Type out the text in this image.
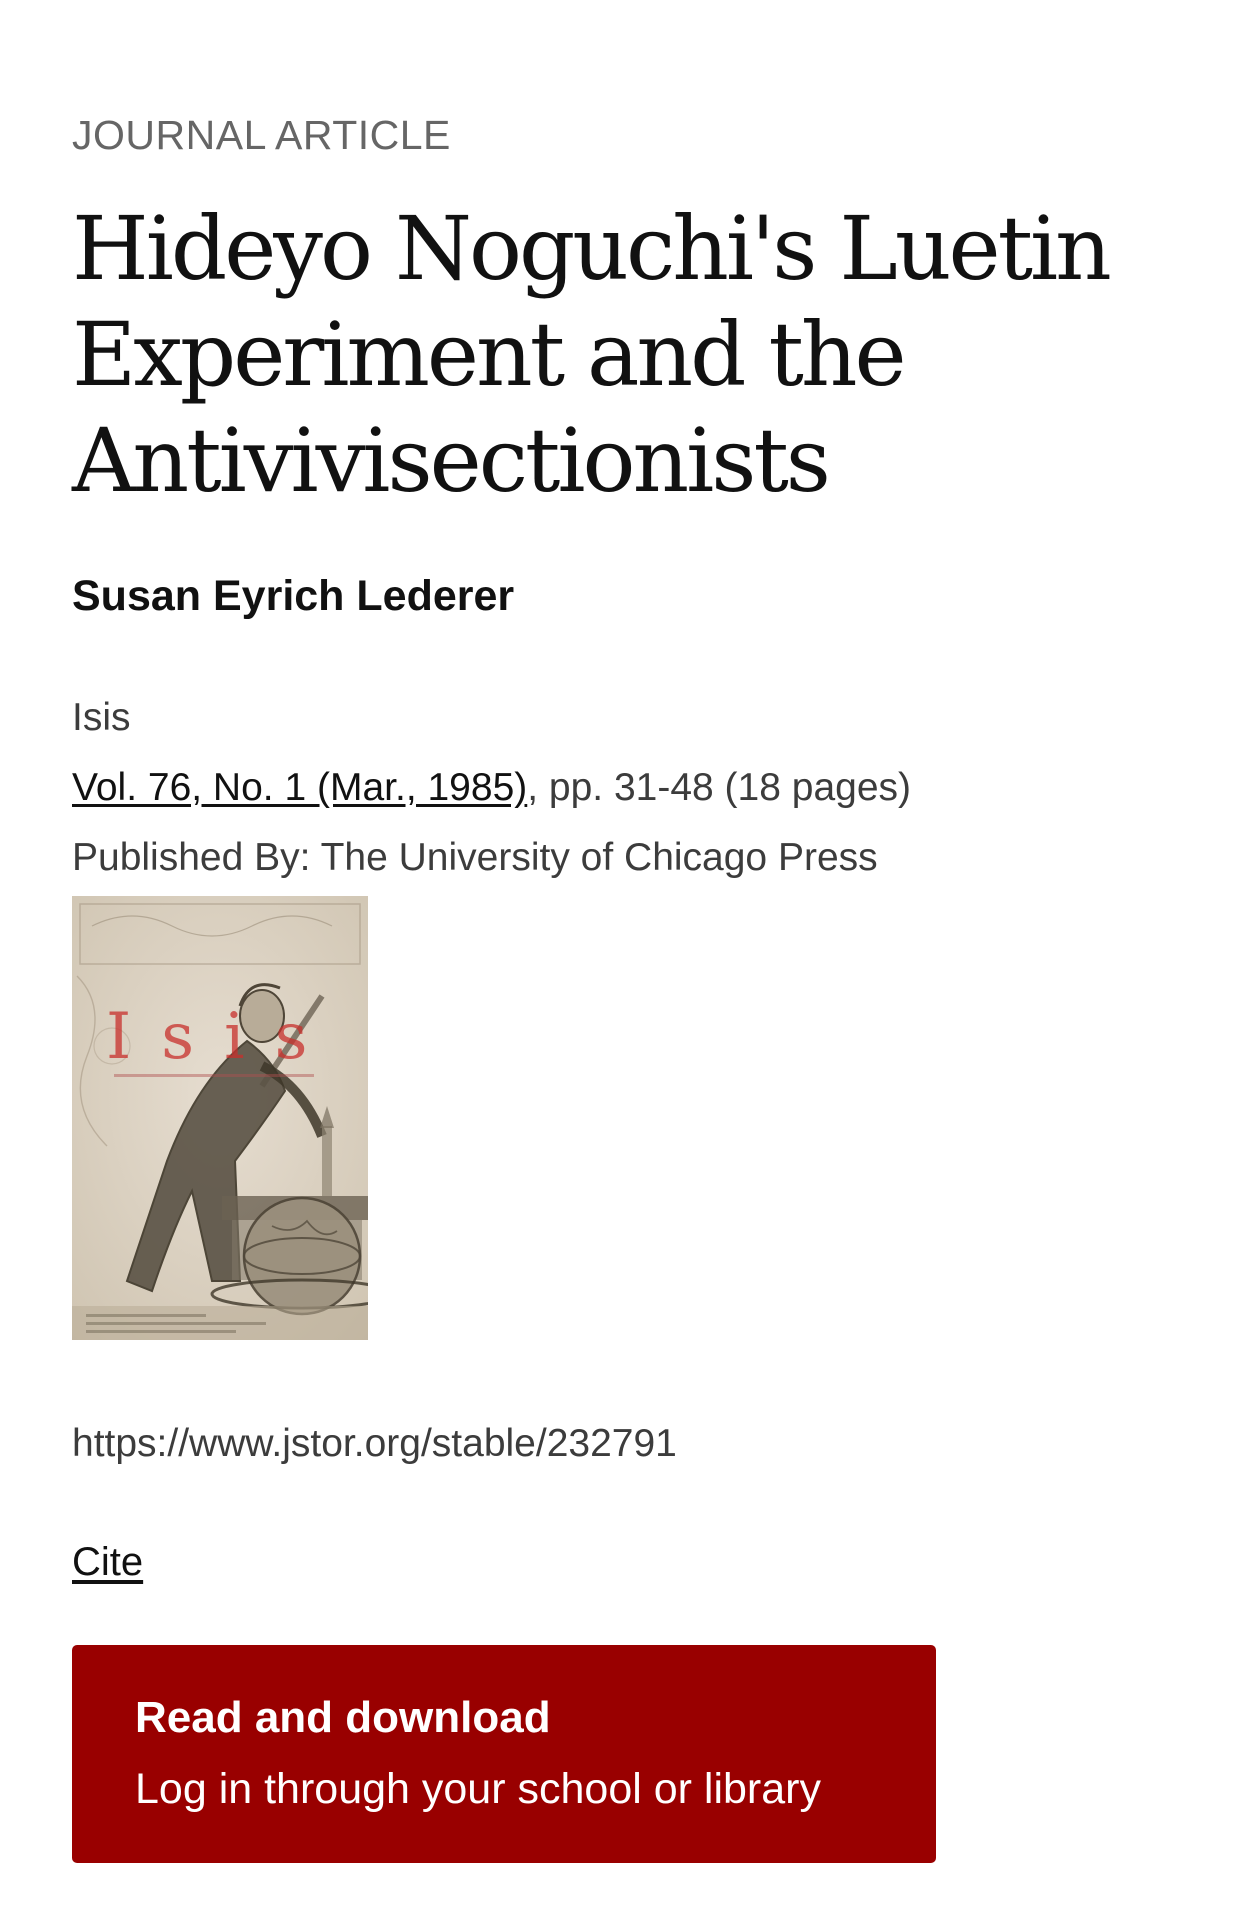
JOURNAL ARTICLE
Hideyo Noguchi's Luetin Experiment and the Antivivisectionists
Susan Eyrich Lederer
Isis
Vol. 76, No. 1 (Mar., 1985), pp. 31-48 (18 pages)
Published By: The University of Chicago Press
Isis
https://www.jstor.org/stable/232791
Cite
Read and download
Log in through your school or library
